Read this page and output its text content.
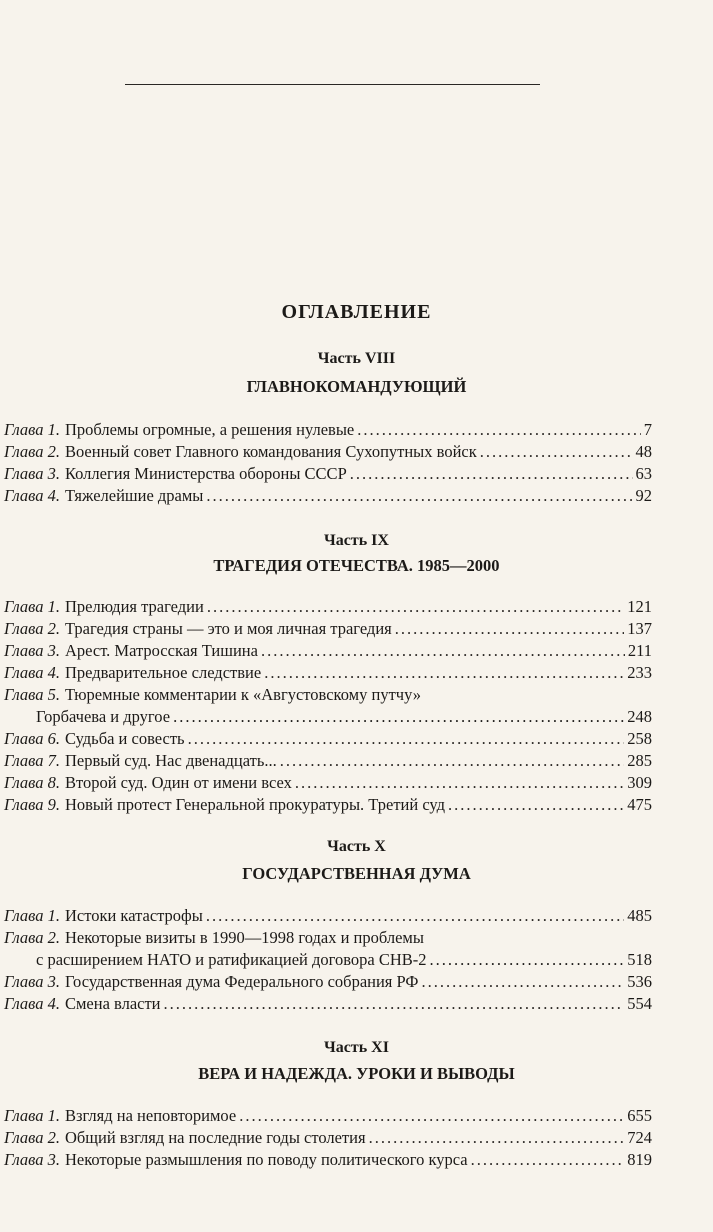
ОГЛАВЛЕНИЕ
Часть VIII
ГЛАВНОКОМАНДУЮЩИЙ
Глава 1. Проблемы огромные, а решения нулевые .....	7
Глава 2. Военный совет Главного командования Сухопутных войск .....	48
Глава 3. Коллегия Министерства обороны СССР .....	63
Глава 4. Тяжелейшие драмы .....	92
Часть IX
ТРАГЕДИЯ ОТЕЧЕСТВА. 1985—2000
Глава 1. Прелюдия трагедии .....	121
Глава 2. Трагедия страны — это и моя личная трагедия .....	137
Глава 3. Арест. Матросская Тишина .....	211
Глава 4. Предварительное следствие .....	233
Глава 5. Тюремные комментарии к «Августовскому путчу»
Горбачева и другое .....	248
Глава 6. Судьба и совесть .....	258
Глава 7. Первый суд. Нас двенадцать... .....	285
Глава 8. Второй суд. Один от имени всех .....	309
Глава 9. Новый протест Генеральной прокуратуры. Третий суд .....	475
Часть X
ГОСУДАРСТВЕННАЯ ДУМА
Глава 1. Истоки катастрофы .....	485
Глава 2. Некоторые визиты в 1990—1998 годах и проблемы
с расширением НАТО и ратификацией договора СНВ-2 .....	518
Глава 3. Государственная дума Федерального собрания РФ .....	536
Глава 4. Смена власти .....	554
Часть XI
ВЕРА И НАДЕЖДА. УРОКИ И ВЫВОДЫ
Глава 1. Взгляд на неповторимое .....	655
Глава 2. Общий взгляд на последние годы столетия .....	724
Глава 3. Некоторые размышления по поводу политического курса .....	819
